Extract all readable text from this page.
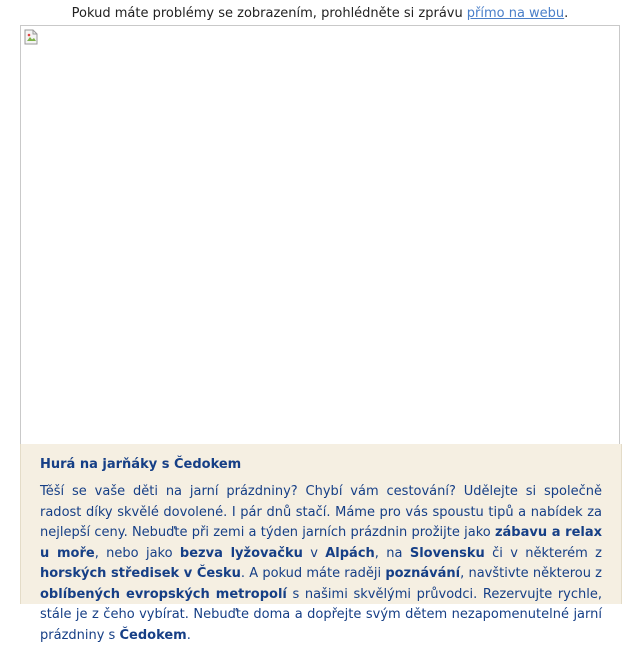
Pokud máte problémy se zobrazením, prohlédněte si zprávu přímo na webu .
Hurá na jarňáky s Čedokem

Těší se vaše děti na jarní prázdniny? Chybí vám cestování? Udělejte si společně radost díky skvělé dovolené. I pár dnů stačí. Máme pro vás spoustu tipů a nabídek za nejlepší ceny. Nebuďte při zemi a týden jarních prázdnin prožijte jako zábavu a relax u moře, nebo jako bezva lyžovačku v Alpách, na Slovensku či v některém z horských středisek v Česku. A pokud máte raději poznávání, navštivte některou z oblíbených evropských metropolí s našimi skvělými průvodci. Rezervujte rychle, stále je z čeho vybírat. Nebuďte doma a dopřejte svým dětem nezapomenutelné jarní prázdniny s Čedokem.
